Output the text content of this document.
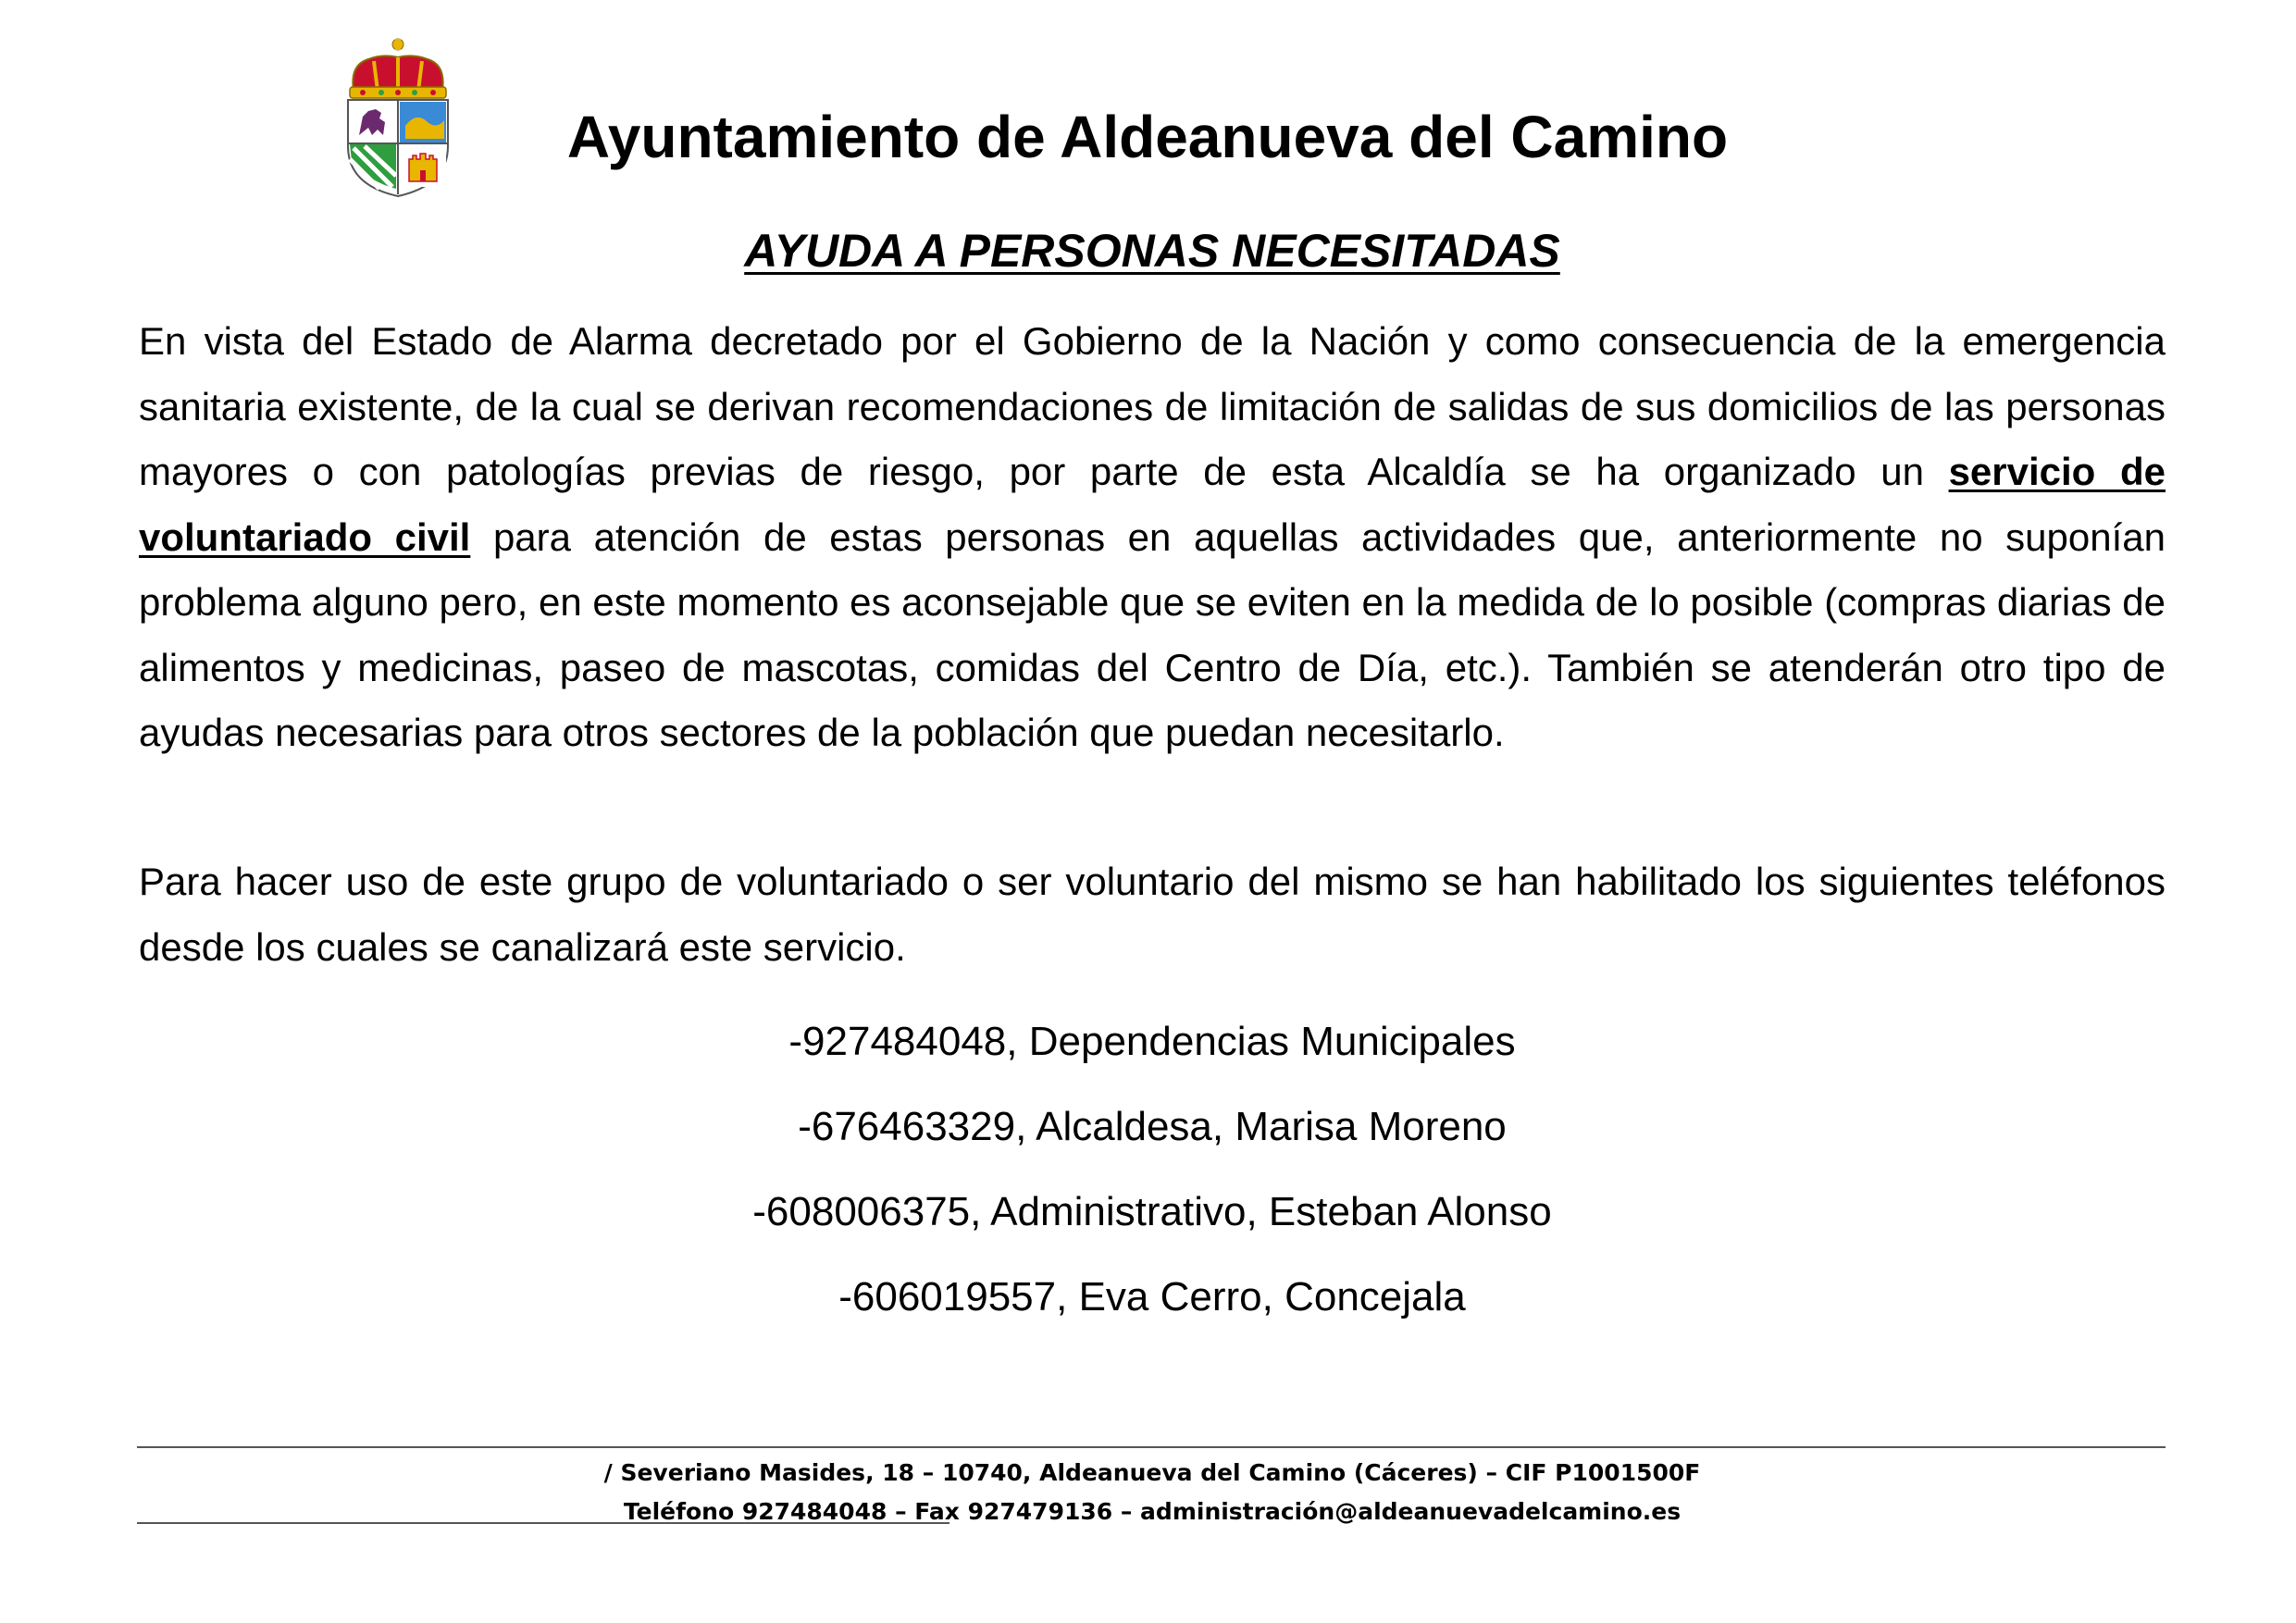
Ayuntamiento de Aldeanueva del Camino
AYUDA A PERSONAS NECESITADAS

En vista del Estado de Alarma decretado por el Gobierno de la Nación y como consecuencia de la emergencia sanitaria existente, de la cual se derivan recomendaciones de limitación de salidas de sus domicilios de las personas mayores o con patologías previas de riesgo, por parte de esta Alcaldía se ha organizado un servicio de voluntariado civil para atención de estas personas en aquellas actividades que, anteriormente no suponían problema alguno pero, en este momento es aconsejable que se eviten en la medida de lo posible (compras diarias de alimentos y medicinas, paseo de mascotas, comidas del Centro de Día, etc.). También se atenderán otro tipo de ayudas necesarias para otros sectores de la población que puedan necesitarlo.

Para hacer uso de este grupo de voluntariado o ser voluntario del mismo se han habilitado los siguientes teléfonos desde los cuales se canalizará este servicio.

-927484048, Dependencias Municipales
-676463329, Alcaldesa, Marisa Moreno
-608006375, Administrativo, Esteban Alonso
-606019557, Eva Cerro, Concejala

/ Severiano Masides, 18 – 10740, Aldeanueva del Camino (Cáceres) – CIF P1001500F

Teléfono 927484048 – Fax 927479136 – administración@aldeanuevadelcamino.es
